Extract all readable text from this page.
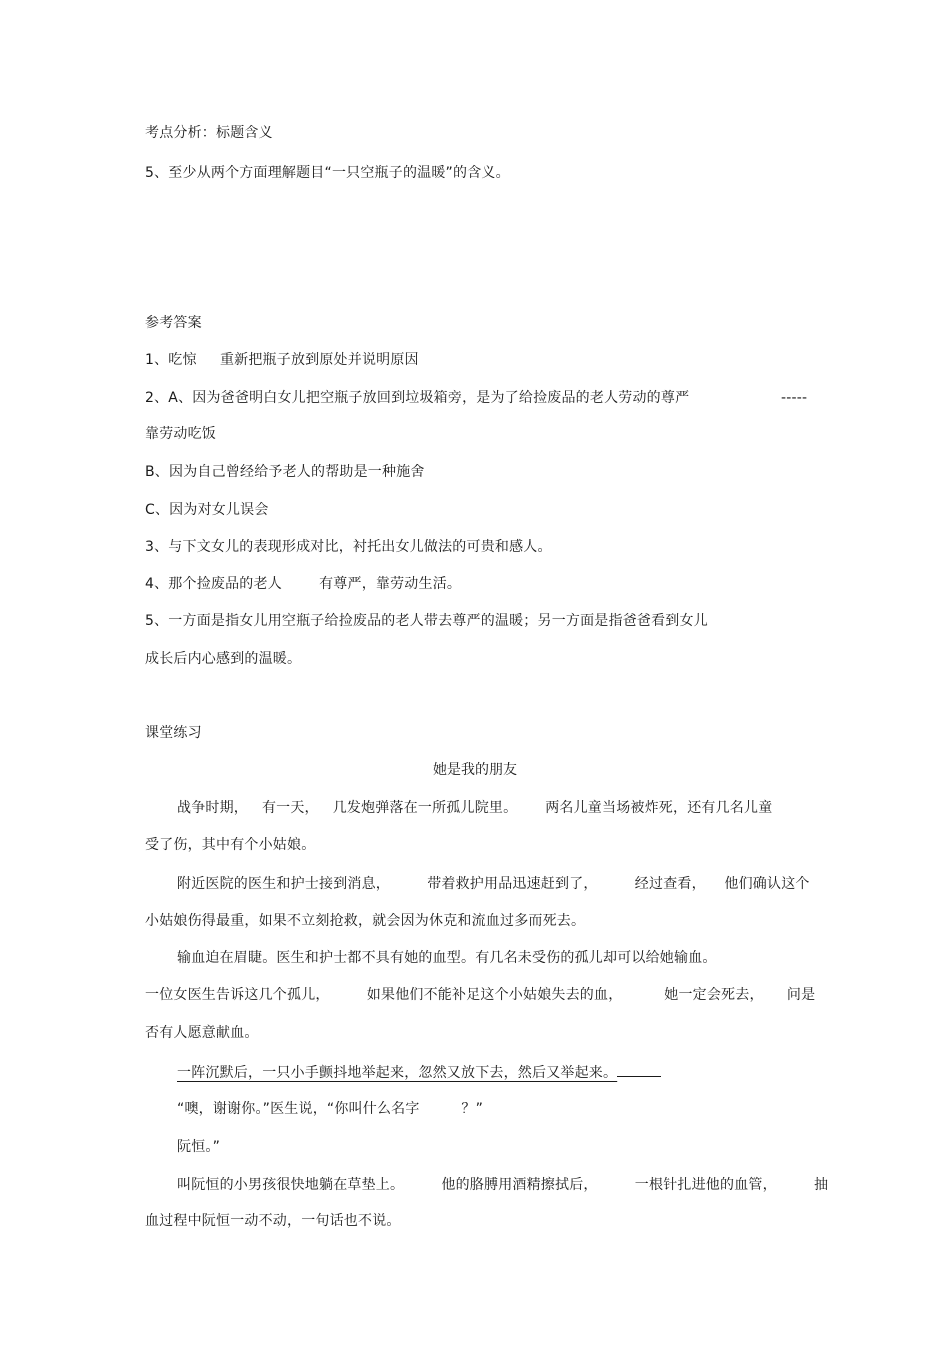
考点分析：标题含义
5、至少从两个方面理解题目“一只空瓶子的温暖”的含义。
参考答案
1、吃惊     重新把瓶子放到原处并说明原因
2、A、因为爸爸明白女儿把空瓶子放回到垃圾箱旁，是为了给捡废品的老人劳动的尊严	-----
靠劳动吃饭
B、因为自己曾经给予老人的帮助是一种施舍
C、因为对女儿误会
3、与下文女儿的表现形成对比，衬托出女儿做法的可贵和感人。
4、那个捡废品的老人        有尊严，靠劳动生活。
5、一方面是指女儿用空瓶子给捡废品的老人带去尊严的温暖；另一方面是指爸爸看到女儿
成长后内心感到的温暖。
课堂练习
她是我的朋友
战争时期，   有一天，   几发炮弹落在一所孤儿院里。      两名儿童当场被炸死，还有几名儿童
受了伤，其中有个小姑娘。
附近医院的医生和护士接到消息，        带着救护用品迅速赶到了，        经过查看，    他们确认这个
小姑娘伤得最重，如果不立刻抢救，就会因为休克和流血过多而死去。
输血迫在眉睫。医生和护士都不具有她的血型。有几名未受伤的孤儿却可以给她输血。
一位女医生告诉这几个孤儿，        如果他们不能补足这个小姑娘失去的血，         她一定会死去，     问是
否有人愿意献血。
一阵沉默后，一只小手颤抖地举起来，忽然又放下去，然后又举起来。
“噢，谢谢你。”医生说，“你叫什么名字         ？”
阮恒。”
叫阮恒的小男孩很快地躺在草垫上。        他的胳膊用酒精擦拭后，        一根针扎进他的血管，        抽
血过程中阮恒一动不动，一句话也不说。
